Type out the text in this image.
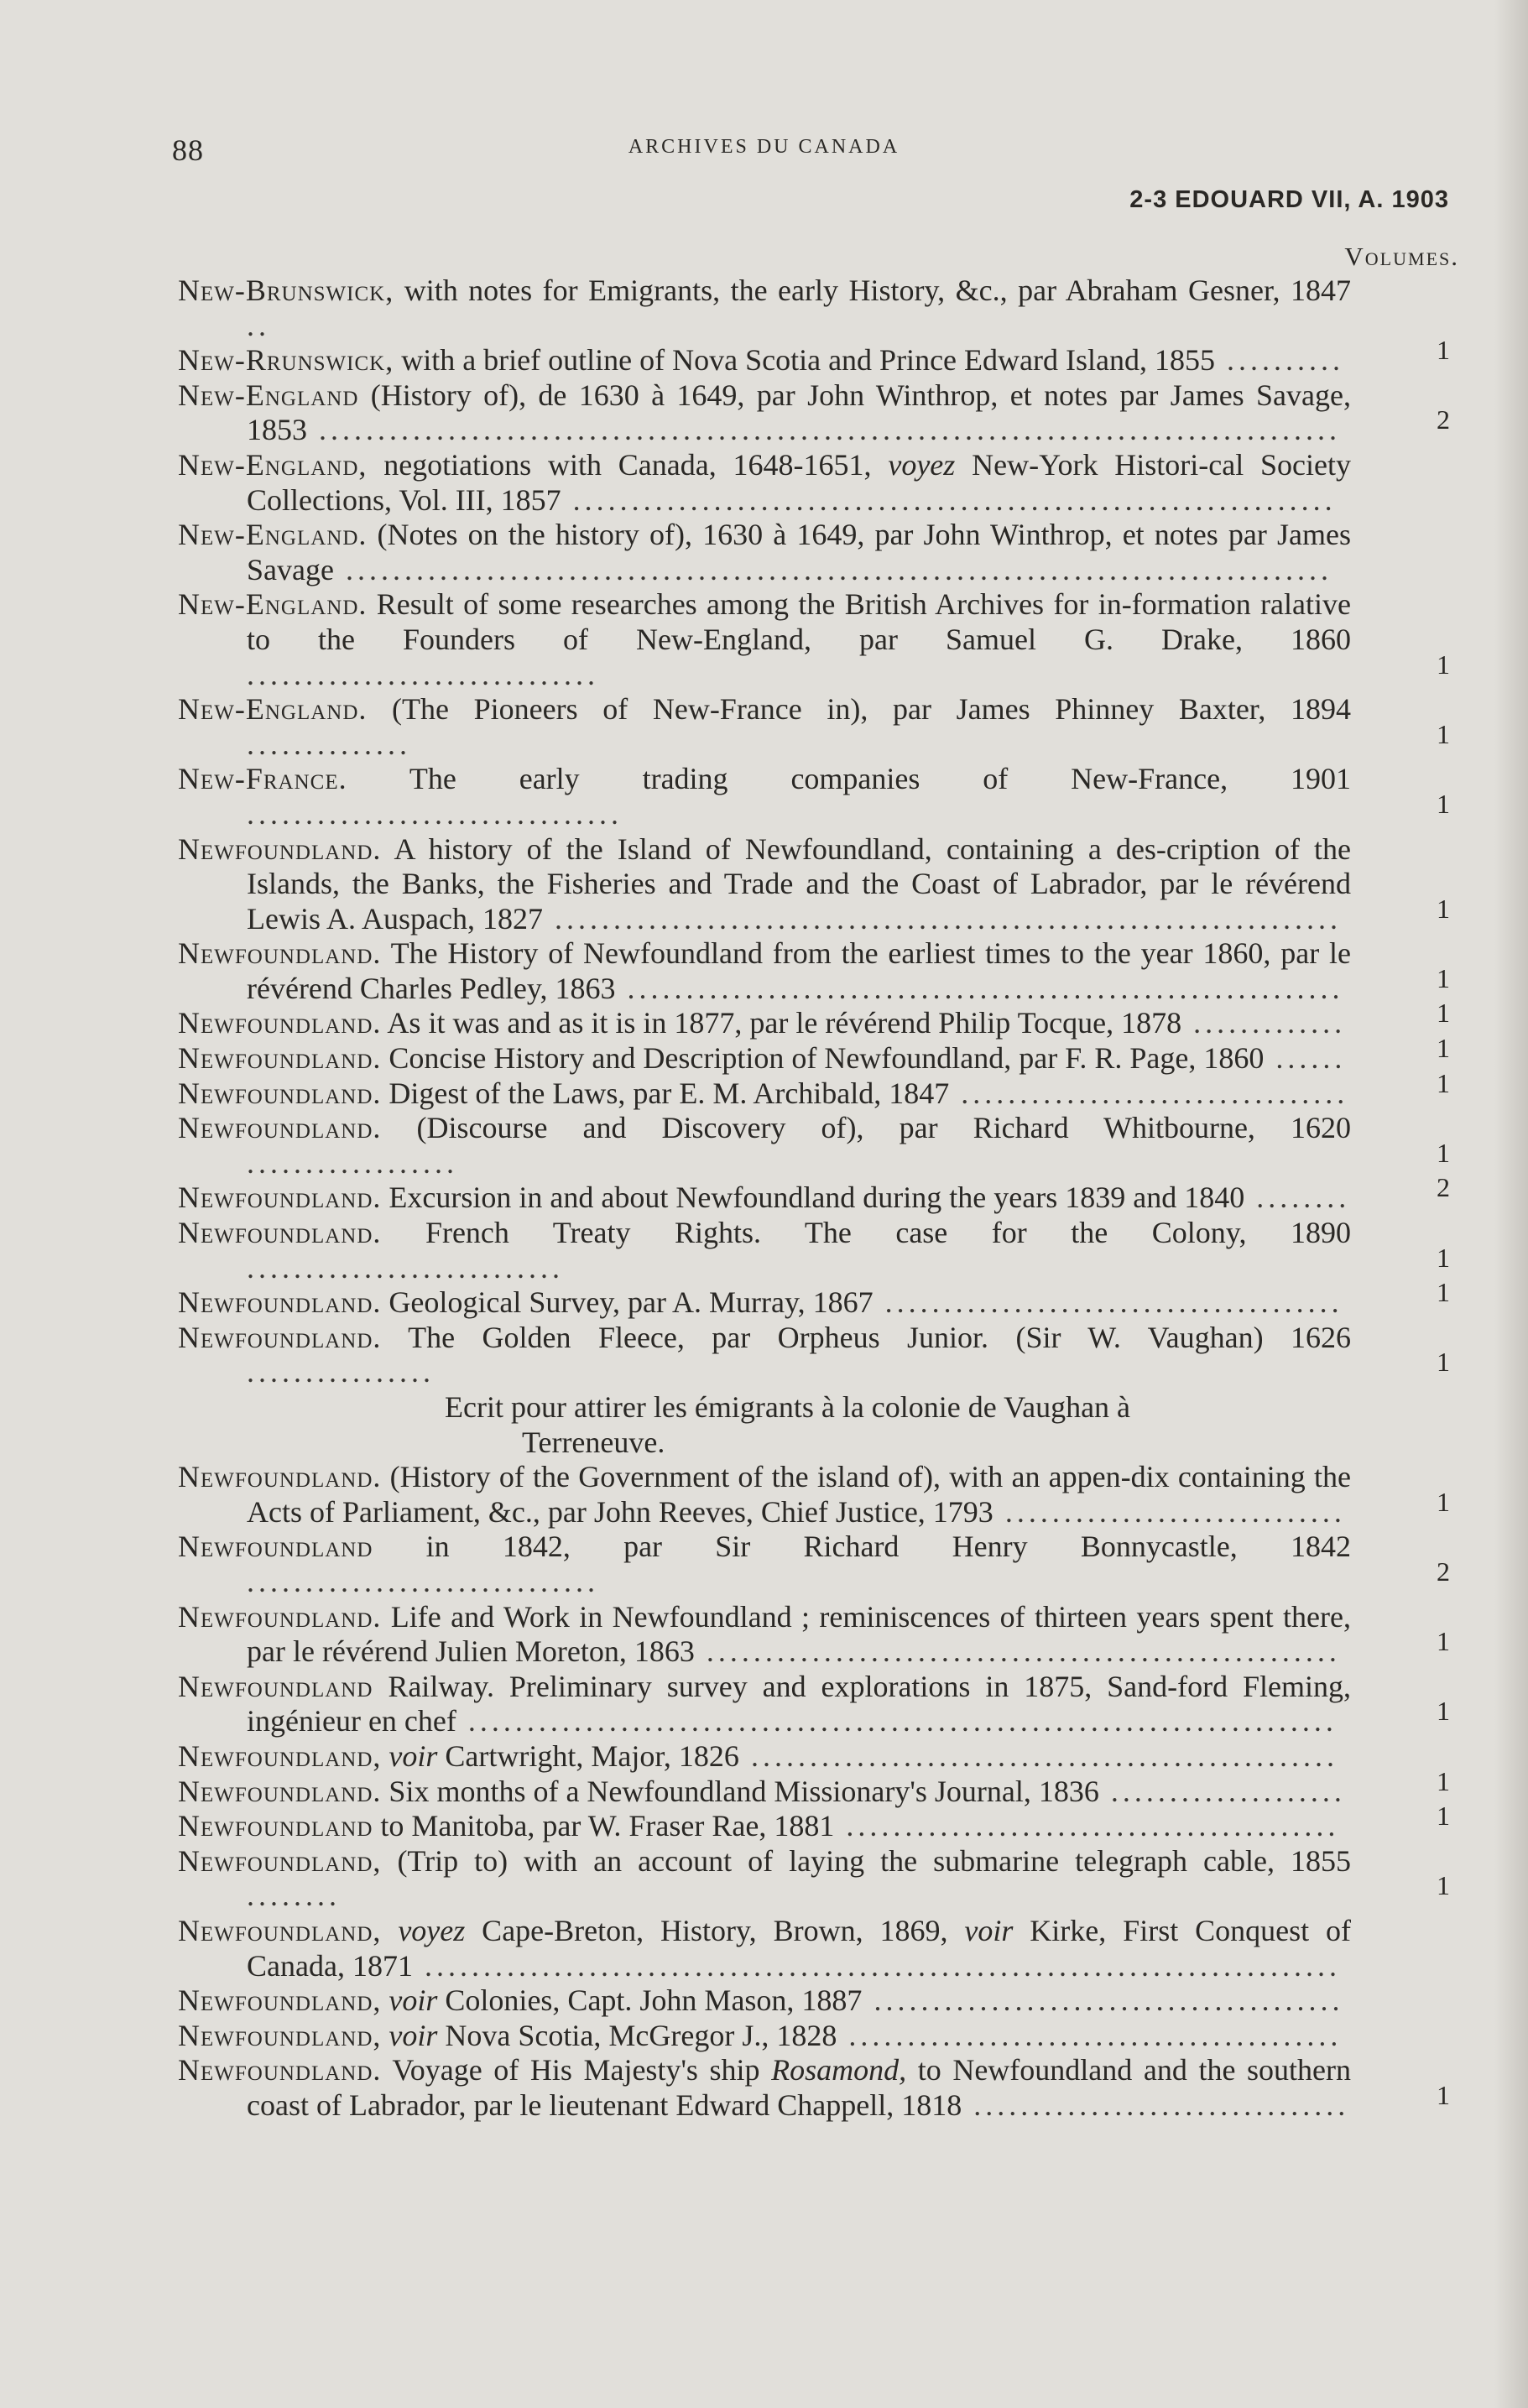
88	ARCHIVES DU CANADA
2-3 EDOUARD VII, A. 1903
Volumes.
New-Brunswick, with notes for Emigrants, the early History, &c., par Abraham Gesner, 1847 ..
New-Rrunswick, with a brief outline of Nova Scotia and Prince Edward Island, 1855 ..........	1
New-England (History of), de 1630 à 1649, par John Winthrop, et notes par James Savage, 1853 .......................................................................................	2
New-England, negotiations with Canada, 1648-1651, voyez New-York Histori-cal Society Collections, Vol. III, 1857 .................................................................
New-England. (Notes on the history of), 1630 à 1649, par John Winthrop, et notes par James Savage ....................................................................................
New-England. Result of some researches among the British Archives for in-formation ralative to the Founders of New-England, par Samuel G. Drake, 1860 ..............................	1
New-England. (The Pioneers of New-France in), par James Phinney Baxter, 1894 ..............	1
New-France. The early trading companies of New-France, 1901 ................................	1
Newfoundland. A history of the Island of Newfoundland, containing a des-cription of the Islands, the Banks, the Fisheries and Trade and the Coast of Labrador, par le révérend Lewis A. Auspach, 1827 ...................................................................	1
Newfoundland. The History of Newfoundland from the earliest times to the year 1860, par le révérend Charles Pedley, 1863 .............................................................	1
Newfoundland. As it was and as it is in 1877, par le révérend Philip Tocque, 1878 .............	1
Newfoundland. Concise History and Description of Newfoundland, par F. R. Page, 1860 ......	1
Newfoundland. Digest of the Laws, par E. M. Archibald, 1847 .................................	1
Newfoundland. (Discourse and Discovery of), par Richard Whitbourne, 1620 ..................	1
Newfoundland. Excursion in and about Newfoundland during the years 1839 and 1840 ........	2
Newfoundland. French Treaty Rights. The case for the Colony, 1890 ...........................	1
Newfoundland. Geological Survey, par A. Murray, 1867 .......................................	1
Newfoundland. The Golden Fleece, par Orpheus Junior. (Sir W. Vaughan) 1626 ................	1
Ecrit pour attirer les émigrants à la colonie de Vaughan à
Terreneuve.
Newfoundland. (History of the Government of the island of), with an appen-dix containing the Acts of Parliament, &c., par John Reeves, Chief Justice, 1793 .............................	1
Newfoundland in 1842, par Sir Richard Henry Bonnycastle, 1842 ..............................	2
Newfoundland. Life and Work in Newfoundland ; reminiscences of thirteen years spent there, par le révérend Julien Moreton, 1863 ......................................................	1
Newfoundland Railway. Preliminary survey and explorations in 1875, Sand-ford Fleming, ingénieur en chef ..........................................................................	1
Newfoundland, voir Cartwright, Major, 1826 ..................................................
Newfoundland. Six months of a Newfoundland Missionary's Journal, 1836 ....................	1
Newfoundland to Manitoba, par W. Fraser Rae, 1881 ..........................................	1
Newfoundland, (Trip to) with an account of laying the submarine telegraph cable, 1855 ........	1
Newfoundland, voyez Cape-Breton, History, Brown, 1869, voir Kirke, First Conquest of Canada, 1871 ..............................................................................
Newfoundland, voir Colonies, Capt. John Mason, 1887 ........................................
Newfoundland, voir Nova Scotia, McGregor J., 1828 ..........................................
Newfoundland. Voyage of His Majesty's ship Rosamond, to Newfoundland and the southern coast of Labrador, par le lieutenant Edward Chappell, 1818 ................................	1
